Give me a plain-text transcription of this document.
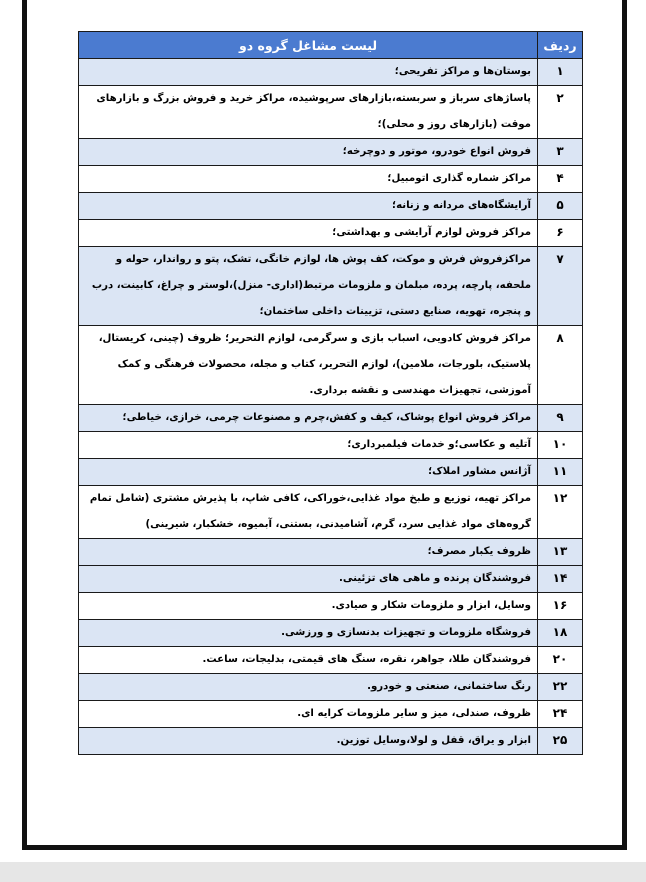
ردیف	لیست مشاغل گروه دو
۱	بوستان‌ها و مراکز تفریحی؛
۲	پاساژهای سرباز و سربسته،بازارهای سرپوشیده، مراکز خرید و فروش بزرگ و بازارهای موقت (بازارهای روز و محلی)؛
۳	فروش انواع خودرو، موتور و دوچرخه؛
۴	مراکز شماره گذاری اتومبیل؛
۵	آرایشگاه‌های مردانه و زنانه؛
۶	مراکز فروش لوازم آرایشی و بهداشتی؛
۷	مراکزفروش فرش و موکت، کف پوش ها، لوازم خانگی، تشک، پتو و رواندار، حوله و ملحفه، پارچه، پرده، مبلمان و ملزومات مرتبط(اداری- منزل)،لوستر و چراغ، کابینت، درب و پنجره، تهویه، صنایع دستی، تزیینات داخلی ساختمان؛
۸	مراکز فروش کادویی، اسباب بازی و سرگرمی، لوازم التحریر؛ ظروف (چینی، کریستال، پلاستیک، بلورجات، ملامین)، لوازم التحریر، کتاب و مجله، محصولات فرهنگی و کمک آموزشی، تجهیزات مهندسی و نقشه برداری.
۹	مراکز فروش انواع پوشاک، کیف و کفش،چرم و مصنوعات چرمی، خرازی، خیاطی؛
۱۰	آتلیه و عکاسی؛و خدمات فیلمبرداری؛
۱۱	آژانس مشاور املاک؛
۱۲	مراکز تهیه، توزیع و طبخ مواد غذایی،خوراکی، کافی شاپ، با پذیرش مشتری (شامل تمام گروه‌های مواد غذایی سرد، گرم، آشامیدنی، بستنی، آبمیوه، خشکبار، شیرینی)
۱۳	ظروف یکبار مصرف؛
۱۴	فروشندگان پرنده و ماهی های تزئینی.
۱۶	وسایل، ابزار و ملزومات شکار و صیادی.
۱۸	فروشگاه ملزومات و تجهیزات بدنسازی و ورزشی.
۲۰	فروشندگان طلا، جواهر، نقره، سنگ های قیمتی، بدلیجات، ساعت.
۲۲	رنگ ساختمانی، صنعتی و خودرو.
۲۴	ظروف، صندلی، میز و سایر ملزومات کرایه ای.
۲۵	ابزار و یراق، قفل و لولا،وسایل توزین.
